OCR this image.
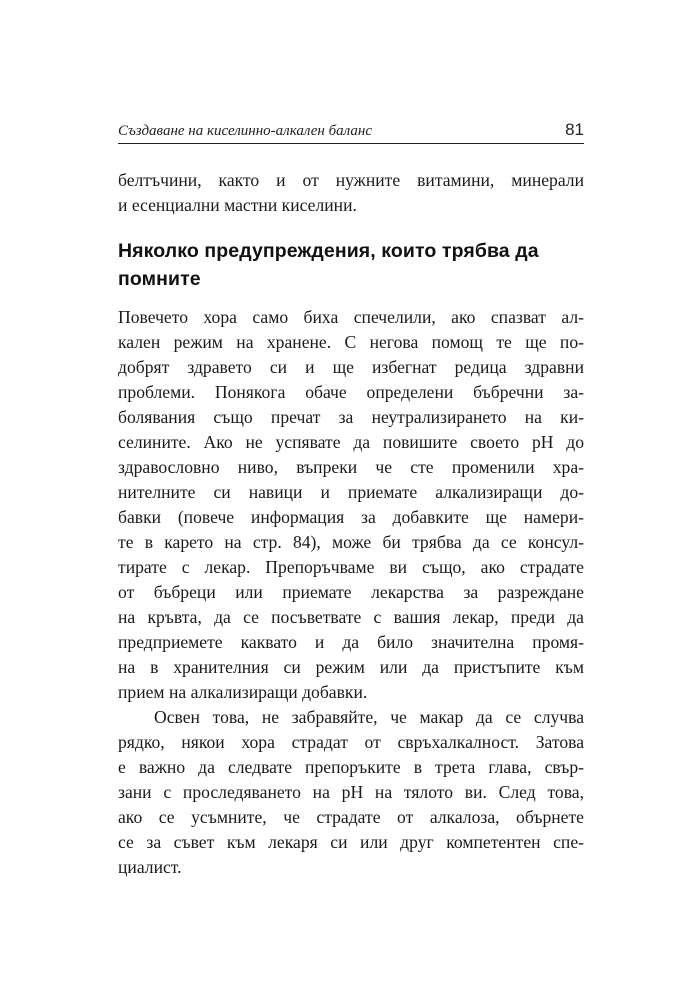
Създаване на киселинно-алкален баланс	81
белтъчини, както и от нужните витамини, минерали
и есенциални мастни киселини.
Няколко предупреждения, които трябва да
помните
Повечето хора само биха спечелили, ако спазват ал-
кален режим на хранене. С негова помощ те ще по-
добрят здравето си и ще избегнат редица здравни
проблеми. Понякога обаче определени бъбречни за-
болявания също пречат за неутрализирането на ки-
селините. Ако не успявате да повишите своето pH до
здравословно ниво, въпреки че сте променили хра-
нителните си навици и приемате алкализиращи до-
бавки (повече информация за добавките ще намери-
те в карето на стр. 84), може би трябва да се консул-
тирате с лекар. Препоръчваме ви също, ако страдате
от бъбреци или приемате лекарства за разреждане
на кръвта, да се посъветвате с вашия лекар, преди да
предприемете каквато и да било значителна промя-
на в хранителния си режим или да пристъпите към
прием на алкализиращи добавки.
Освен това, не забравяйте, че макар да се случва
рядко, някои хора страдат от свръхалкалност. Затова
е важно да следвате препоръките в трета глава, свър-
зани с проследяването на pH на тялото ви. След това,
ако се усъмните, че страдате от алкалоза, обърнете
се за съвет към лекаря си или друг компетентен спе-
циалист.
